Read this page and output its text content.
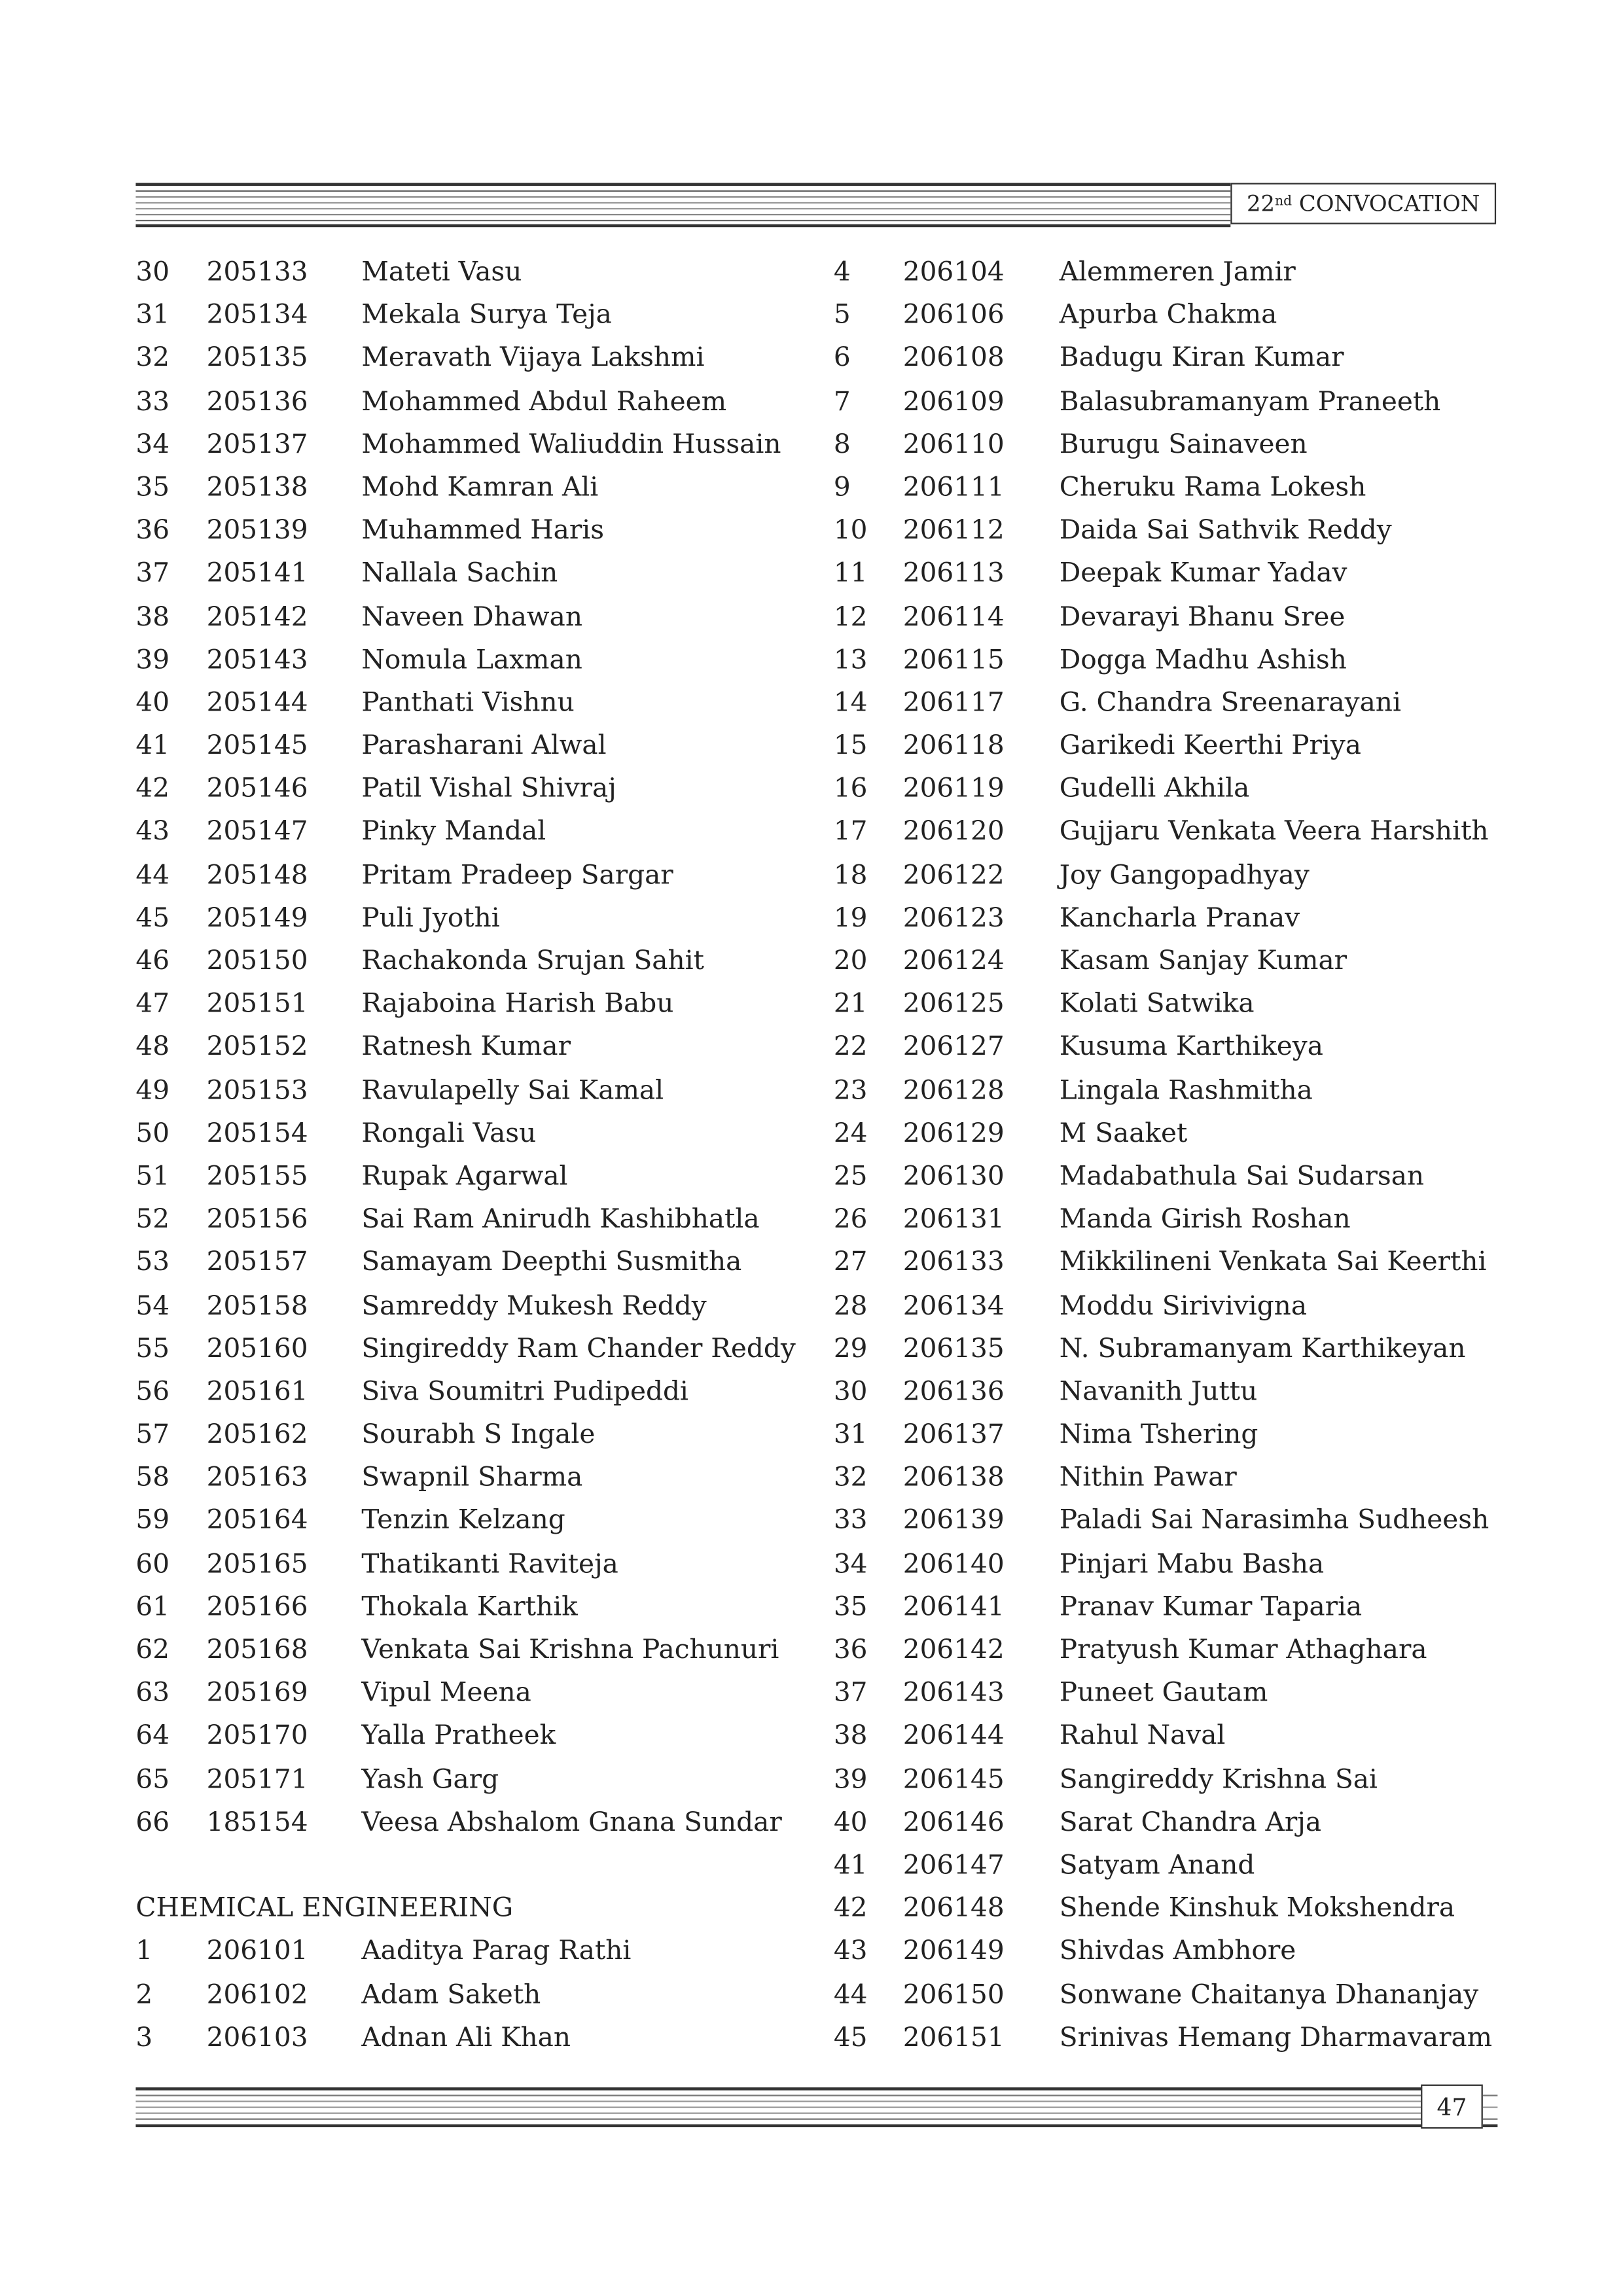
22nd
CONVOCATION
30	205133	Mateti Vasu
31	205134	Mekala Surya Teja
32	205135	Meravath Vijaya Lakshmi
33	205136	Mohammed Abdul Raheem
34	205137	Mohammed Waliuddin Hussain
35	205138	Mohd Kamran Ali
36	205139	Muhammed Haris
37	205141	Nallala Sachin
38	205142	Naveen Dhawan
39	205143	Nomula Laxman
40	205144	Panthati Vishnu
41	205145	Parasharani Alwal
42	205146	Patil Vishal Shivraj
43	205147	Pinky Mandal
44	205148	Pritam Pradeep Sargar
45	205149	Puli Jyothi
46	205150	Rachakonda Srujan Sahit
47	205151	Rajaboina Harish Babu
48	205152	Ratnesh Kumar
49	205153	Ravulapelly Sai Kamal
50	205154	Rongali Vasu
51	205155	Rupak Agarwal
52	205156	Sai Ram Anirudh Kashibhatla
53	205157	Samayam Deepthi Susmitha
54	205158	Samreddy Mukesh Reddy
55	205160	Singireddy Ram Chander Reddy
56	205161	Siva Soumitri Pudipeddi
57	205162	Sourabh S Ingale
58	205163	Swapnil Sharma
59	205164	Tenzin Kelzang
60	205165	Thatikanti Raviteja
61	205166	Thokala Karthik
62	205168	Venkata Sai Krishna Pachunuri
63	205169	Vipul Meena
64	205170	Yalla Pratheek
65	205171	Yash Garg
66	185154	Veesa Abshalom Gnana Sundar
CHEMICAL ENGINEERING
1	206101	Aaditya Parag Rathi
2	206102	Adam Saketh
3	206103	Adnan Ali Khan
4	206104	Alemmeren Jamir
5	206106	Apurba Chakma
6	206108	Badugu Kiran Kumar
7	206109	Balasubramanyam Praneeth
8	206110	Burugu Sainaveen
9	206111	Cheruku Rama Lokesh
10	206112	Daida Sai Sathvik Reddy
11	206113	Deepak Kumar Yadav
12	206114	Devarayi Bhanu Sree
13	206115	Dogga Madhu Ashish
14	206117	G. Chandra Sreenarayani
15	206118	Garikedi Keerthi Priya
16	206119	Gudelli Akhila
17	206120	Gujjaru Venkata Veera Harshith
18	206122	Joy Gangopadhyay
19	206123	Kancharla Pranav
20	206124	Kasam Sanjay Kumar
21	206125	Kolati Satwika
22	206127	Kusuma Karthikeya
23	206128	Lingala Rashmitha
24	206129	M Saaket
25	206130	Madabathula Sai Sudarsan
26	206131	Manda Girish Roshan
27	206133	Mikkilineni Venkata Sai Keerthi
28	206134	Moddu Sirivivigna
29	206135	N. Subramanyam Karthikeyan
30	206136	Navanith Juttu
31	206137	Nima Tshering
32	206138	Nithin Pawar
33	206139	Paladi Sai Narasimha Sudheesh
34	206140	Pinjari Mabu Basha
35	206141	Pranav Kumar Taparia
36	206142	Pratyush Kumar Athaghara
37	206143	Puneet Gautam
38	206144	Rahul Naval
39	206145	Sangireddy Krishna Sai
40	206146	Sarat Chandra Arja
41	206147	Satyam Anand
42	206148	Shende Kinshuk Mokshendra
43	206149	Shivdas Ambhore
44	206150	Sonwane Chaitanya Dhananjay
45	206151	Srinivas Hemang Dharmavaram
47
